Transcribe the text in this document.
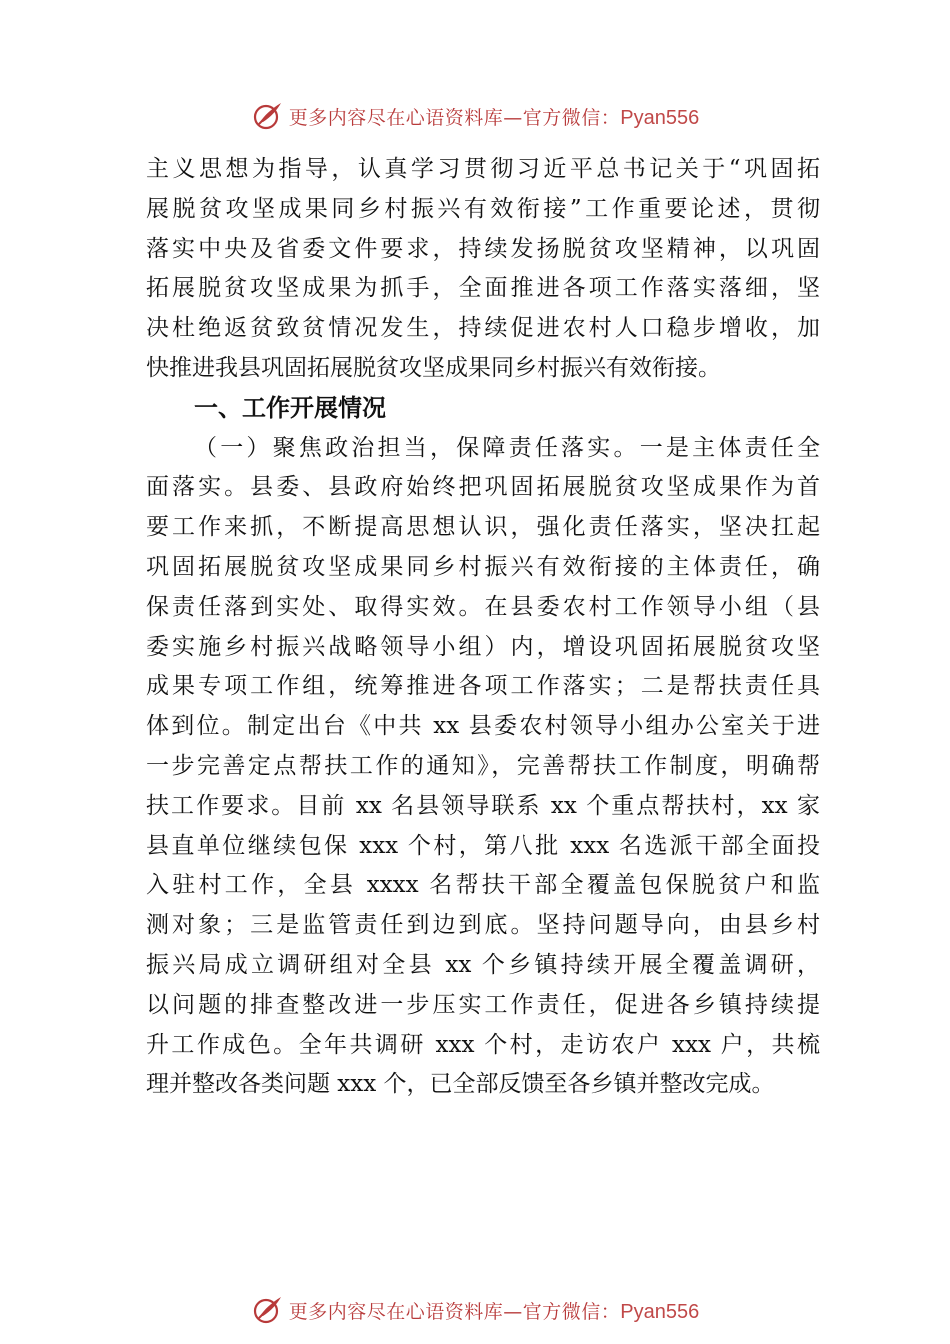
更多内容尽在心语资料库—官方微信：Pyan556
主义思想为指导，认真学习贯彻习近平总书记关于“巩固拓
展脱贫攻坚成果同乡村振兴有效衔接”工作重要论述，贯彻
落实中央及省委文件要求，持续发扬脱贫攻坚精神，以巩固
拓展脱贫攻坚成果为抓手，全面推进各项工作落实落细，坚
决杜绝返贫致贫情况发生，持续促进农村人口稳步增收，加
快推进我县巩固拓展脱贫攻坚成果同乡村振兴有效衔接。
一、工作开展情况
（一）聚焦政治担当，保障责任落实。一是主体责任全
面落实。县委、县政府始终把巩固拓展脱贫攻坚成果作为首
要工作来抓，不断提高思想认识，强化责任落实，坚决扛起
巩固拓展脱贫攻坚成果同乡村振兴有效衔接的主体责任，确
保责任落到实处、取得实效。在县委农村工作领导小组（县
委实施乡村振兴战略领导小组）内，增设巩固拓展脱贫攻坚
成果专项工作组，统筹推进各项工作落实；二是帮扶责任具
体到位。制定出台《中共 xx 县委农村领导小组办公室关于进
一步完善定点帮扶工作的通知》，完善帮扶工作制度，明确帮
扶工作要求。目前 xx 名县领导联系 xx 个重点帮扶村，xx 家
县直单位继续包保 xxx 个村，第八批 xxx 名选派干部全面投
入驻村工作，全县 xxxx 名帮扶干部全覆盖包保脱贫户和监
测对象；三是监管责任到边到底。坚持问题导向，由县乡村
振兴局成立调研组对全县 xx 个乡镇持续开展全覆盖调研，
以问题的排查整改进一步压实工作责任，促进各乡镇持续提
升工作成色。全年共调研 xxx 个村，走访农户 xxx 户，共梳
理并整改各类问题 xxx 个，已全部反馈至各乡镇并整改完成。
更多内容尽在心语资料库—官方微信：Pyan556
